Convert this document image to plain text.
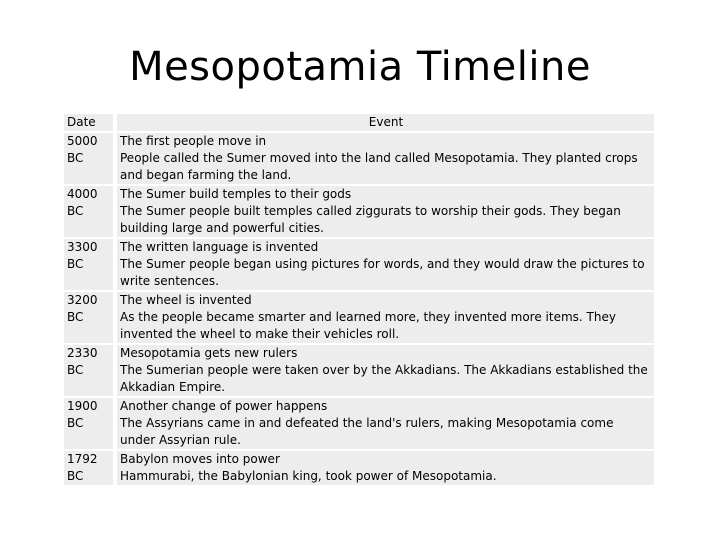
Mesopotamia Timeline
Date		Event
5000 BC		The first people move in
People called the Sumer moved into the land called Mesopotamia. They planted crops and began farming the land.

4000 BC		The Sumer build temples to their gods
The Sumer people built temples called ziggurats to worship their gods. They began building large and powerful cities.

3300 BC		The written language is invented
The Sumer people began using pictures for words, and they would draw the pictures to write sentences.

3200 BC		The wheel is invented
As the people became smarter and learned more, they invented more items. They invented the wheel to make their vehicles roll.

2330 BC		Mesopotamia gets new rulers
The Sumerian people were taken over by the Akkadians. The Akkadians established the Akkadian Empire.

1900 BC		Another change of power happens
The Assyrians came in and defeated the land's rulers, making Mesopotamia come under Assyrian rule.

1792 BC		Babylon moves into power
Hammurabi, the Babylonian king, took power of Mesopotamia.
